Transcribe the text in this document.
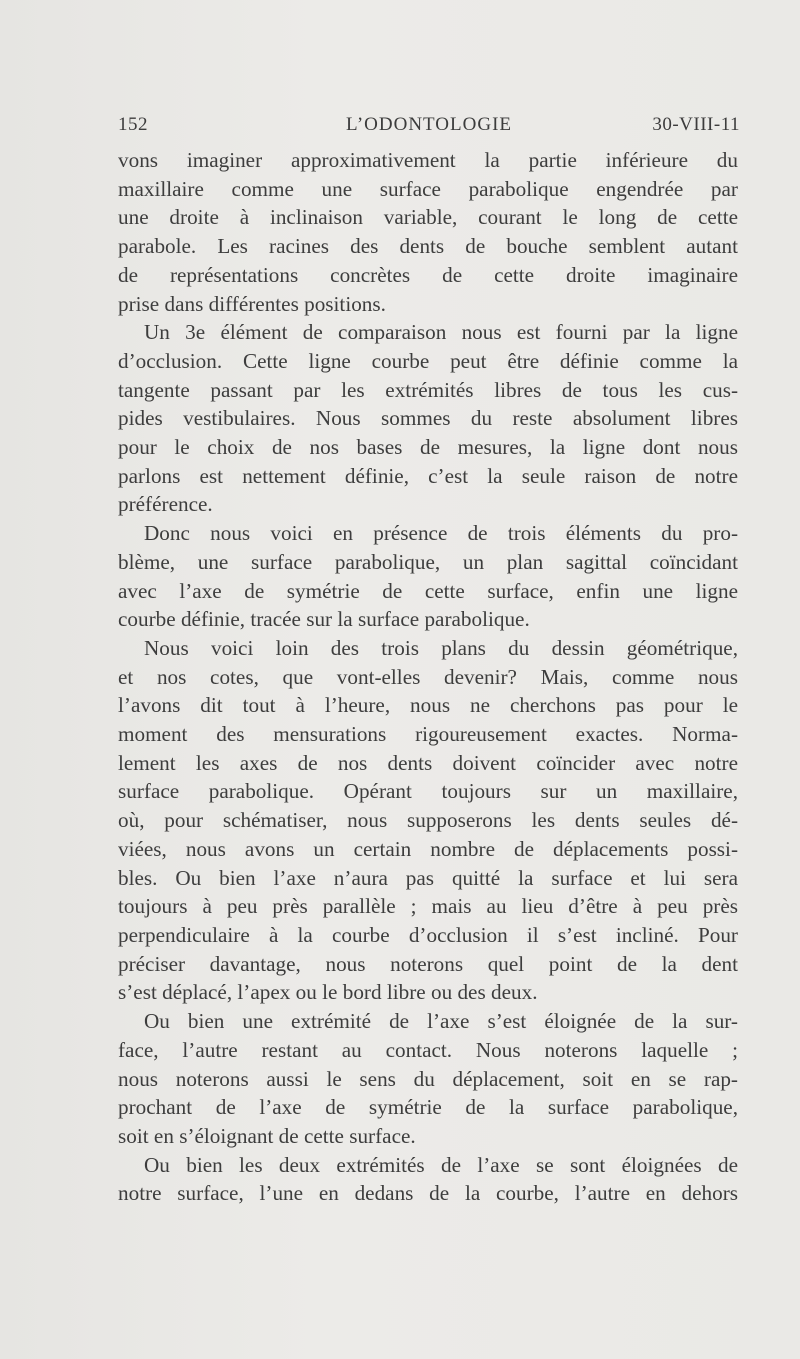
152	L’ODONTOLOGIE	30-VIII-11

vons imaginer approximativement la partie inférieure du

maxillaire comme une surface parabolique engendrée par

une droite à inclinaison variable, courant le long de cette

parabole. Les racines des dents de bouche semblent autant

de représentations concrètes de cette droite imaginaire

prise dans différentes positions.

Un 3e élément de comparaison nous est fourni par la ligne

d’occlusion. Cette ligne courbe peut être définie comme la

tangente passant par les extrémités libres de tous les cus-

pides vestibulaires. Nous sommes du reste absolument libres

pour le choix de nos bases de mesures, la ligne dont nous

parlons est nettement définie, c’est la seule raison de notre

préférence.

Donc nous voici en présence de trois éléments du pro-

blème, une surface parabolique, un plan sagittal coïncidant

avec l’axe de symétrie de cette surface, enfin une ligne

courbe définie, tracée sur la surface parabolique.

Nous voici loin des trois plans du dessin géométrique,

et nos cotes, que vont-elles devenir? Mais, comme nous

l’avons dit tout à l’heure, nous ne cherchons pas pour le

moment des mensurations rigoureusement exactes. Norma-

lement les axes de nos dents doivent coïncider avec notre

surface parabolique. Opérant toujours sur un maxillaire,

où, pour schématiser, nous supposerons les dents seules dé-

viées, nous avons un certain nombre de déplacements possi-

bles. Ou bien l’axe n’aura pas quitté la surface et lui sera

toujours à peu près parallèle ; mais au lieu d’être à peu près

perpendiculaire à la courbe d’occlusion il s’est incliné. Pour

préciser davantage, nous noterons quel point de la dent

s’est déplacé, l’apex ou le bord libre ou des deux.

Ou bien une extrémité de l’axe s’est éloignée de la sur-

face, l’autre restant au contact. Nous noterons laquelle ;

nous noterons aussi le sens du déplacement, soit en se rap-

prochant de l’axe de symétrie de la surface parabolique,

soit en s’éloignant de cette surface.

Ou bien les deux extrémités de l’axe se sont éloignées de

notre surface, l’une en dedans de la courbe, l’autre en dehors
